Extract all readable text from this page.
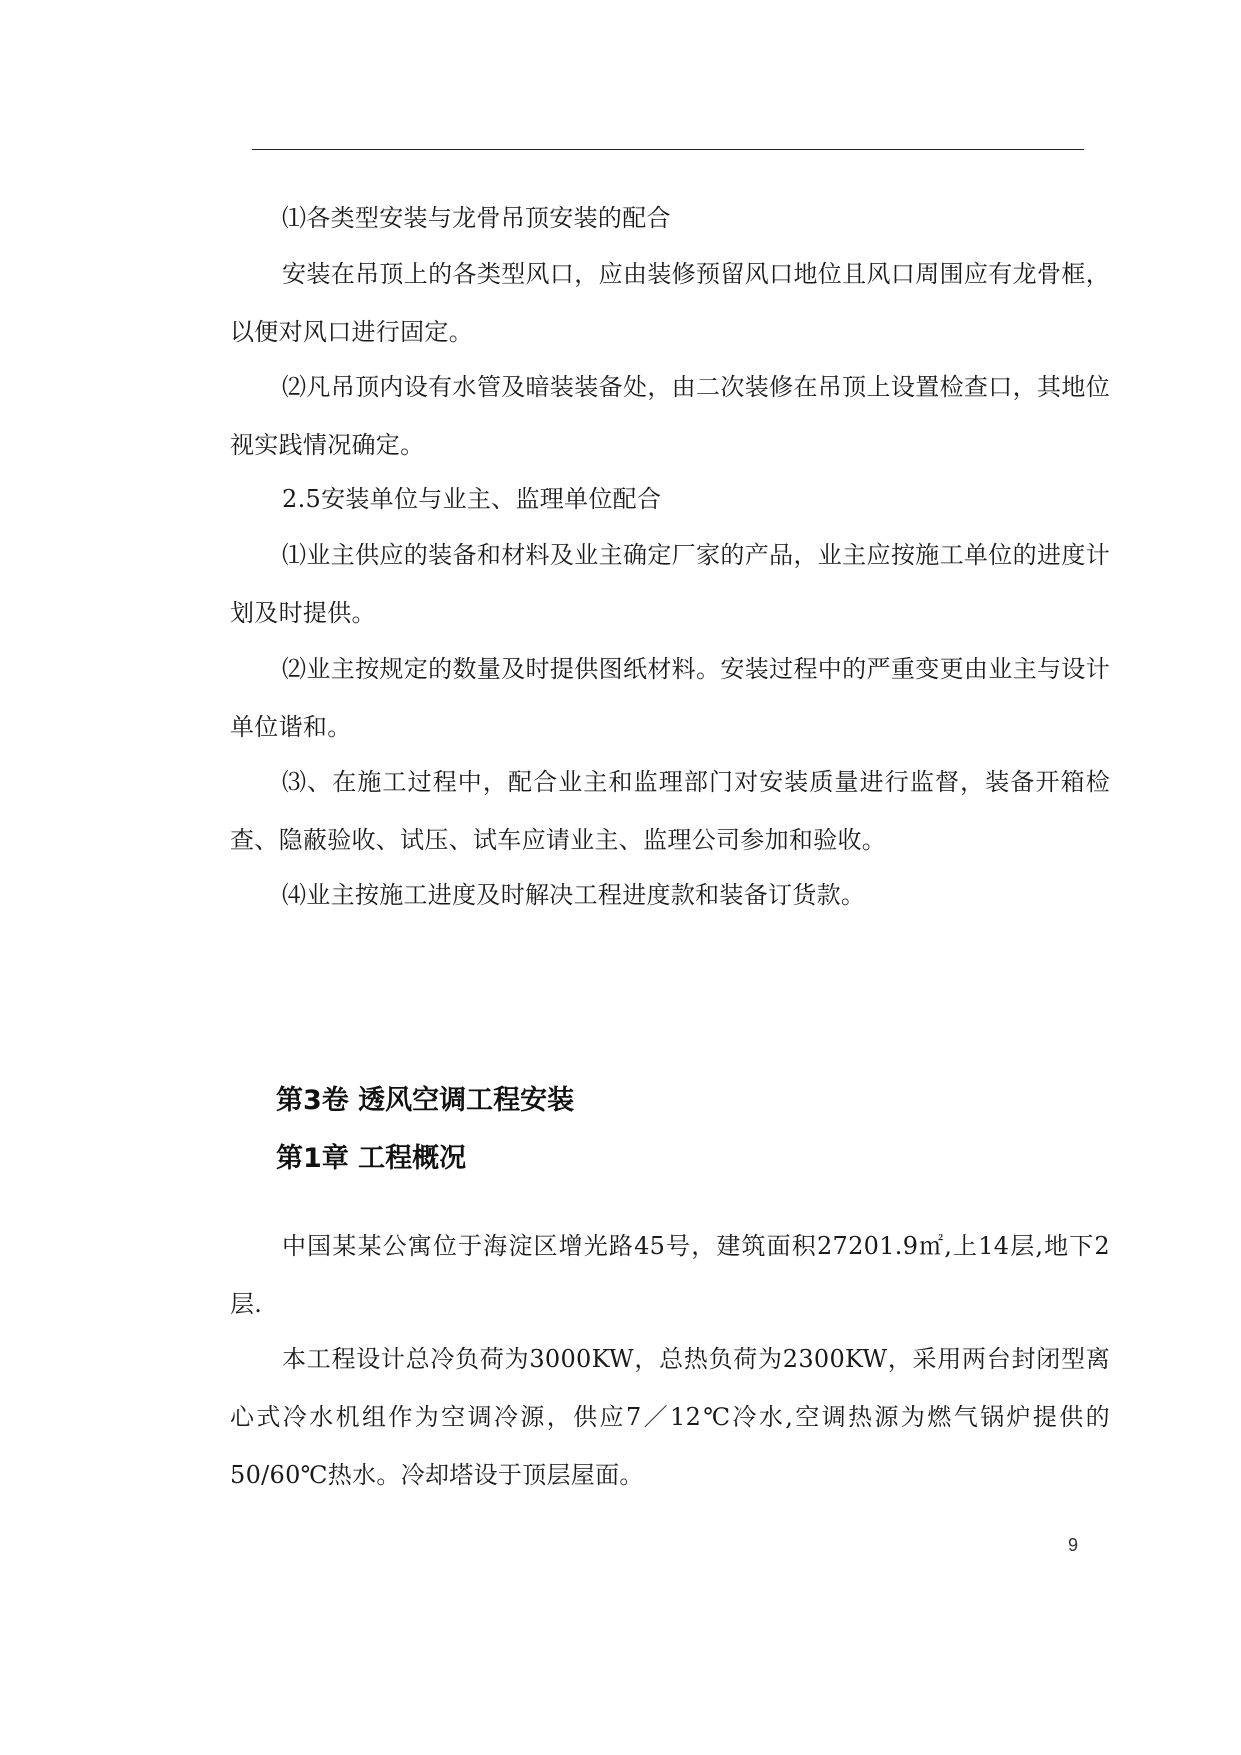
⑴各类型安装与龙骨吊顶安装的配合

安装在吊顶上的各类型风口，应由装修预留风口地位且风口周围应有龙骨框，以便对风口进行固定。

⑵凡吊顶内设有水管及暗装装备处，由二次装修在吊顶上设置检查口，其地位视实践情况确定。

2.5安装单位与业主、监理单位配合

⑴业主供应的装备和材料及业主确定厂家的产品，业主应按施工单位的进度计划及时提供。

⑵业主按规定的数量及时提供图纸材料。安装过程中的严重变更由业主与设计单位谐和。

⑶、在施工过程中，配合业主和监理部门对安装质量进行监督，装备开箱检查、隐蔽验收、试压、试车应请业主、监理公司参加和验收。

⑷业主按施工进度及时解决工程进度款和装备订货款。

第3卷 透风空调工程安装
第1章 工程概况

中国某某公寓位于海淀区增光路45号，建筑面积27201.9㎡,上14层,地下2层.

本工程设计总冷负荷为3000KW，总热负荷为2300KW，采用两台封闭型离心式冷水机组作为空调冷源，供应7／12℃冷水,空调热源为燃气锅炉提供的50/60℃热水。冷却塔设于顶层屋面。

9
